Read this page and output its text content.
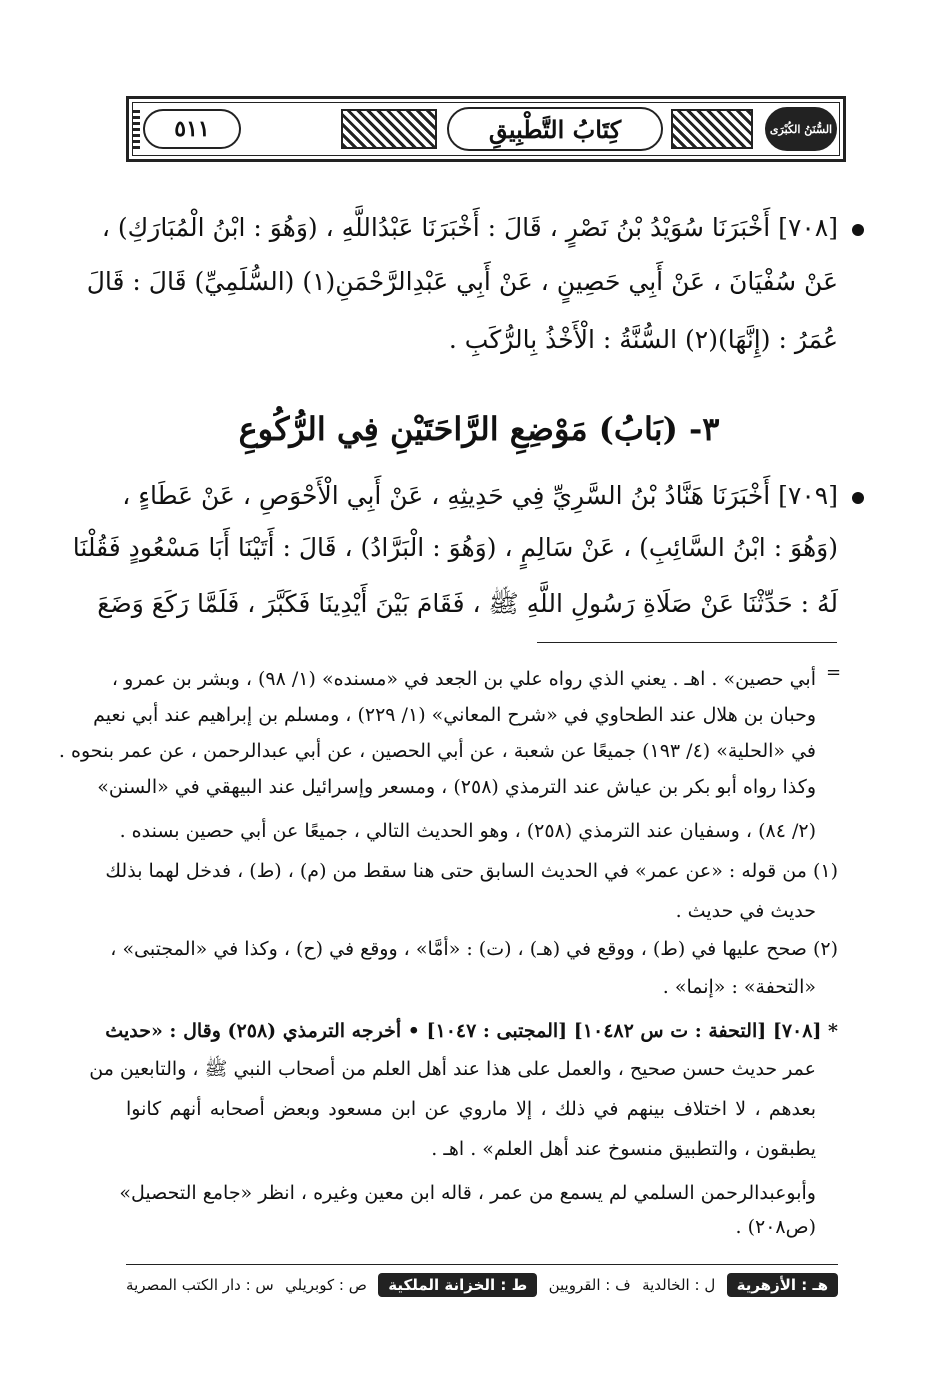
٥١١	كِتَابُ التَّطْبِيقِ	السُّنَنُ الكُبْرَى
[٧٠٨] أَخْبَرَنَا سُوَيْدُ بْنُ نَصْرٍ ، قَالَ : أَخْبَرَنَا عَبْدُاللَّهِ ، (وَهُوَ : ابْنُ الْمُبَارَكِ) ،
عَنْ سُفْيَانَ ، عَنْ أَبِي حَصِينٍ ، عَنْ أَبِي عَبْدِالرَّحْمَنِ(١) (السُّلَمِيِّ) قَالَ : قَالَ
عُمَرُ : (إِنَّهَا)(٢) السُّنَّةُ : الْأَخْذُ بِالرُّكَبِ .
٣- (بَابُ) مَوْضِعِ الرَّاحَتَيْنِ فِي الرُّكُوعِ
[٧٠٩] أَخْبَرَنَا هَنَّادُ بْنُ السَّرِيِّ فِي حَدِيثِهِ ، عَنْ أَبِي الْأَحْوَصِ ، عَنْ عَطَاءٍ ،
(وَهُوَ : ابْنُ السَّائِبِ) ، عَنْ سَالِمٍ ، (وَهُوَ : الْبَرَّادُ) ، قَالَ : أَتَيْنَا أَبَا مَسْعُودٍ فَقُلْنَا
لَهُ : حَدِّثْنَا عَنْ صَلَاةِ رَسُولِ اللَّهِ ﷺ ، فَقَامَ بَيْنَ أَيْدِينَا فَكَبَّرَ ، فَلَمَّا رَكَعَ وَضَعَ
=
أبي حصين» . اهـ . يعني الذي رواه علي بن الجعد في «مسنده» (١/ ٩٨) ، وبشر بن عمرو ،
وحبان بن هلال عند الطحاوي في «شرح المعاني» (١/ ٢٢٩) ، ومسلم بن إبراهيم عند أبي نعيم
في «الحلية» (٤/ ١٩٣) جميعًا عن شعبة ، عن أبي الحصين ، عن أبي عبدالرحمن ، عن عمر بنحوه .
وكذا رواه أبو بكر بن عياش عند الترمذي (٢٥٨) ، ومسعر وإسرائيل عند البيهقي في «السنن»
(٢/ ٨٤) ، وسفيان عند الترمذي (٢٥٨) ، وهو الحديث التالي ، جميعًا عن أبي حصين بسنده .
(١) من قوله : «عن عمر» في الحديث السابق حتى هنا سقط من (م) ، (ط) ، فدخل لهما بذلك
حديث في حديث .
(٢) صحح عليها في (ط) ، ووقع في (هـ) ، (ت) : «أمَّا» ، ووقع في (ح) ، وكذا في «المجتبى» ،
«التحفة» : «إنما» .
* [٧٠٨] [التحفة : ت س ١٠٤٨٢] [المجتبى : ١٠٤٧] • أخرجه الترمذي (٢٥٨) وقال : «حديث
عمر حديث حسن صحيح ، والعمل على هذا عند أهل العلم من أصحاب النبي ﷺ ، والتابعين من
بعدهم ، لا اختلاف بينهم في ذلك ، إلا ماروي عن ابن مسعود وبعض أصحابه أنهم كانوا
يطبقون ، والتطبيق منسوخ عند أهل العلم» . اهـ .
وأبوعبدالرحمن السلمي لم يسمع من عمر ، قاله ابن معين وغيره ، انظر «جامع التحصيل»
(ص٢٠٨) .
س : دار الكتب المصرية ص : كوبريلي	ط : الخزانة الملكية	ف : القرويين ل : الخالدية	هـ : الأزهرية
